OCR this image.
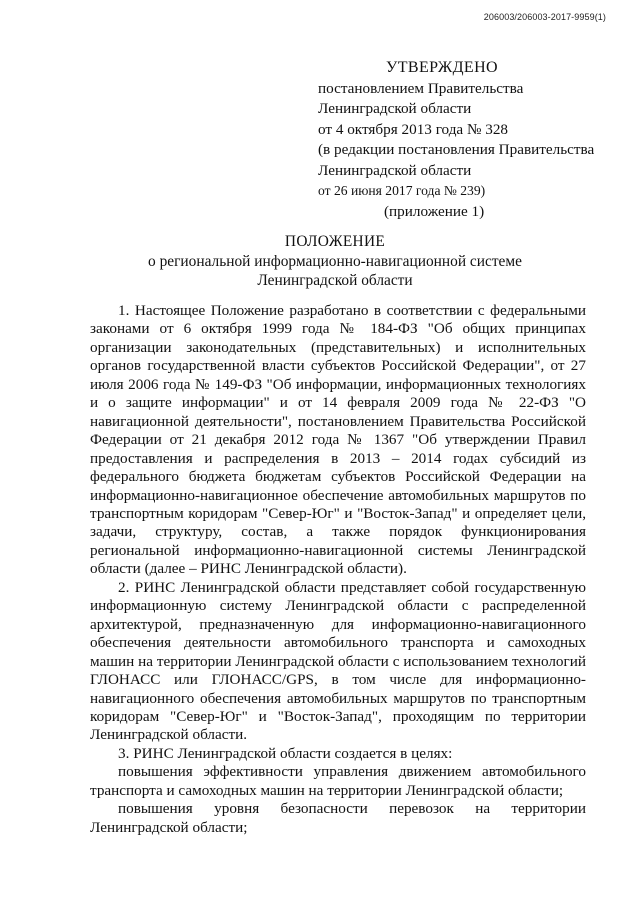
206003/206003-2017-9959(1)
УТВЕРЖДЕНО
постановлением Правительства
Ленинградской области
от 4 октября 2013 года № 328
(в редакции постановления Правительства
Ленинградской области
от 26 июня 2017 года № 239)
(приложение 1)
ПОЛОЖЕНИЕ
о региональной информационно-навигационной системе
Ленинградской области

1. Настоящее Положение разработано в соответствии с федеральными законами от 6 октября 1999 года № 184-ФЗ "Об общих принципах организации законодательных (представительных) и исполнительных органов государственной власти субъектов Российской Федерации", от 27 июля 2006 года № 149-ФЗ "Об информации, информационных технологиях и о защите информации" и от 14 февраля 2009 года № 22-ФЗ "О навигационной деятельности", постановлением Правительства Российской Федерации от 21 декабря 2012 года № 1367 "Об утверждении Правил предоставления и распределения в 2013 – 2014 годах субсидий из федерального бюджета бюджетам субъектов Российской Федерации на информационно-навигационное обеспечение автомобильных маршрутов по транспортным коридорам "Север-Юг" и "Восток-Запад" и определяет цели, задачи, структуру, состав, а также порядок функционирования региональной информационно-навигационной системы Ленинградской области (далее – РИНС Ленинградской области).

2. РИНС Ленинградской области представляет собой государственную информационную систему Ленинградской области с распределенной архитектурой, предназначенную для информационно-навигационного обеспечения деятельности автомобильного транспорта и самоходных машин на территории Ленинградской области с использованием технологий ГЛОНАСС или ГЛОНАСС/GPS, в том числе для информационно-навигационного обеспечения автомобильных маршрутов по транспортным коридорам "Север-Юг" и "Восток-Запад", проходящим по территории Ленинградской области.

3. РИНС Ленинградской области создается в целях:

повышения эффективности управления движением автомобильного транспорта и самоходных машин на территории Ленинградской области;

повышения уровня безопасности перевозок на территории Ленинградской области;
